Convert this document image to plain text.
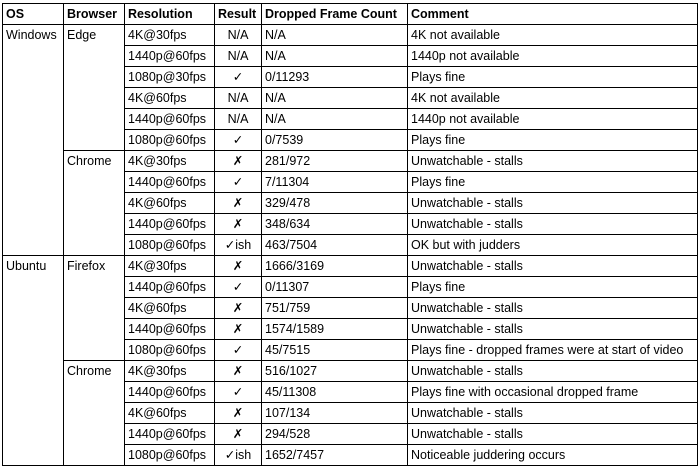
OS	Browser	Resolution	Result	Dropped Frame Count	Comment
Windows	Edge	4K@30fps	N/A	N/A	4K not available
		1440p@60fps	N/A	N/A	1440p not available
		1080p@30fps	✓	0/11293	Plays fine
		4K@60fps	N/A	N/A	4K not available
		1440p@60fps	N/A	N/A	1440p not available
		1080p@60fps	✓	0/7539	Plays fine
	Chrome	4K@30fps	✗	281/972	Unwatchable - stalls
		1440p@60fps	✓	7/11304	Plays fine
		4K@60fps	✗	329/478	Unwatchable - stalls
		1440p@60fps	✗	348/634	Unwatchable - stalls
		1080p@60fps	✓ish	463/7504	OK but with judders
Ubuntu	Firefox	4K@30fps	✗	1666/3169	Unwatchable - stalls
		1440p@60fps	✓	0/11307	Plays fine
		4K@60fps	✗	751/759	Unwatchable - stalls
		1440p@60fps	✗	1574/1589	Unwatchable - stalls
		1080p@60fps	✓	45/7515	Plays fine - dropped frames were at start of video
	Chrome	4K@30fps	✗	516/1027	Unwatchable - stalls
		1440p@60fps	✓	45/11308	Plays fine with occasional dropped frame
		4K@60fps	✗	107/134	Unwatchable - stalls
		1440p@60fps	✗	294/528	Unwatchable - stalls
		1080p@60fps	✓ish	1652/7457	Noticeable juddering occurs
